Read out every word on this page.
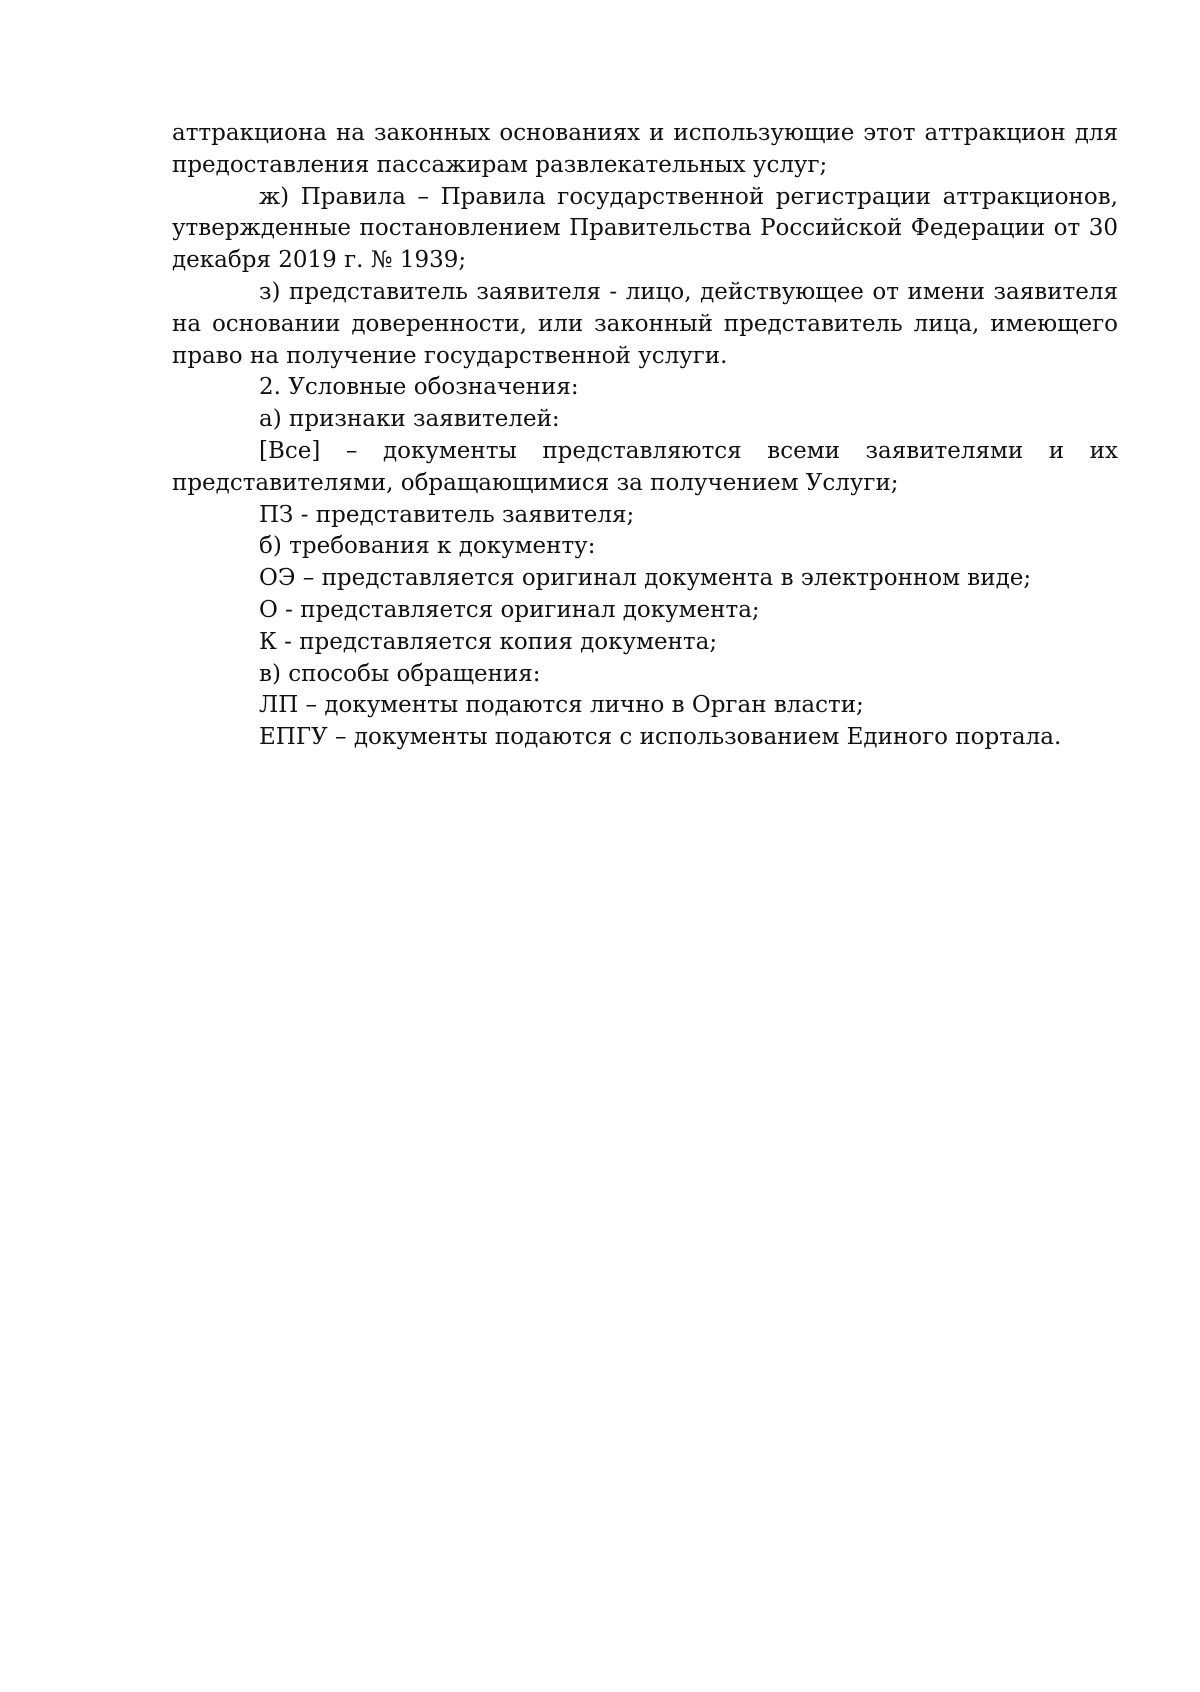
аттракциона на законных основаниях и использующие этот аттракцион для предоставления пассажирам развлекательных услуг;

ж) Правила – Правила государственной регистрации аттракционов, утвержденные постановлением Правительства Российской Федерации от 30 декабря 2019 г. № 1939;

з) представитель заявителя - лицо, действующее от имени заявителя на основании доверенности, или законный представитель лица, имеющего право на получение государственной услуги.

2. Условные обозначения:

а) признаки заявителей:

[Все] – документы представляются всеми заявителями и их представителями, обращающимися за получением Услуги;

ПЗ - представитель заявителя;

б) требования к документу:

ОЭ – представляется оригинал документа в электронном виде;

О - представляется оригинал документа;

К - представляется копия документа;

в) способы обращения:

ЛП – документы подаются лично в Орган власти;

ЕПГУ – документы подаются с использованием Единого портала.
